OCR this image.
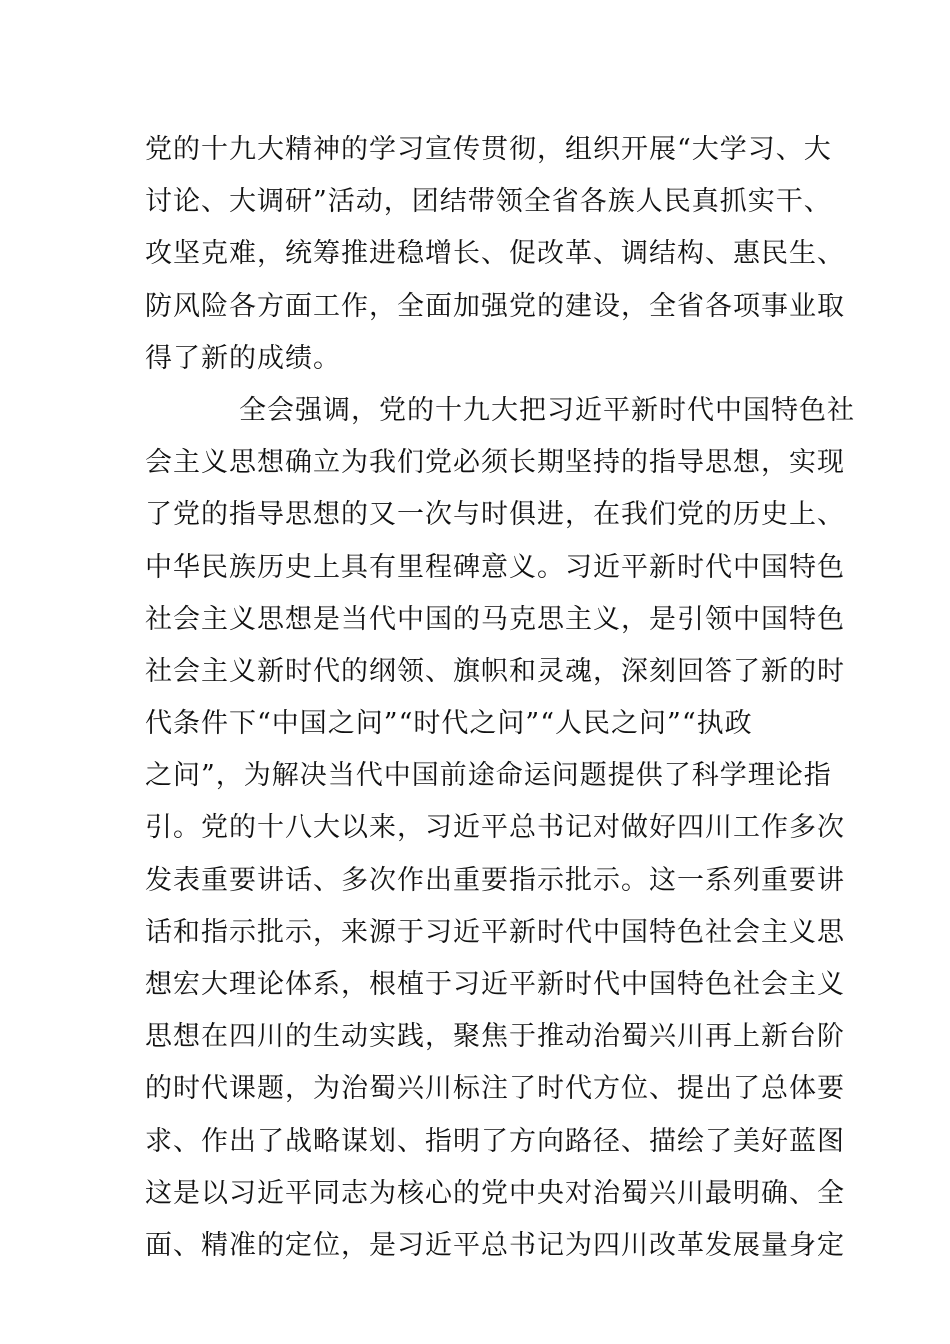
党的十九大精神的学习宣传贯彻，组织开展“大学习、大
讨论、大调研”活动，团结带领全省各族人民真抓实干、
攻坚克难，统筹推进稳增长、促改革、调结构、惠民生、
防风险各方面工作，全面加强党的建设，全省各项事业取
得了新的成绩。
全会强调，党的十九大把习近平新时代中国特色社
会主义思想确立为我们党必须长期坚持的指导思想，实现
了党的指导思想的又一次与时俱进，在我们党的历史上、
中华民族历史上具有里程碑意义。习近平新时代中国特色
社会主义思想是当代中国的马克思主义，是引领中国特色
社会主义新时代的纲领、旗帜和灵魂，深刻回答了新的时
代条件下“中国之问”“时代之问”“人民之问”“执政
之问”，为解决当代中国前途命运问题提供了科学理论指
引。党的十八大以来，习近平总书记对做好四川工作多次
发表重要讲话、多次作出重要指示批示。这一系列重要讲
话和指示批示，来源于习近平新时代中国特色社会主义思
想宏大理论体系，根植于习近平新时代中国特色社会主义
思想在四川的生动实践，聚焦于推动治蜀兴川再上新台阶
的时代课题，为治蜀兴川标注了时代方位、提出了总体要
求、作出了战略谋划、指明了方向路径、描绘了美好蓝图
这是以习近平同志为核心的党中央对治蜀兴川最明确、全
面、精准的定位，是习近平总书记为四川改革发展量身定
